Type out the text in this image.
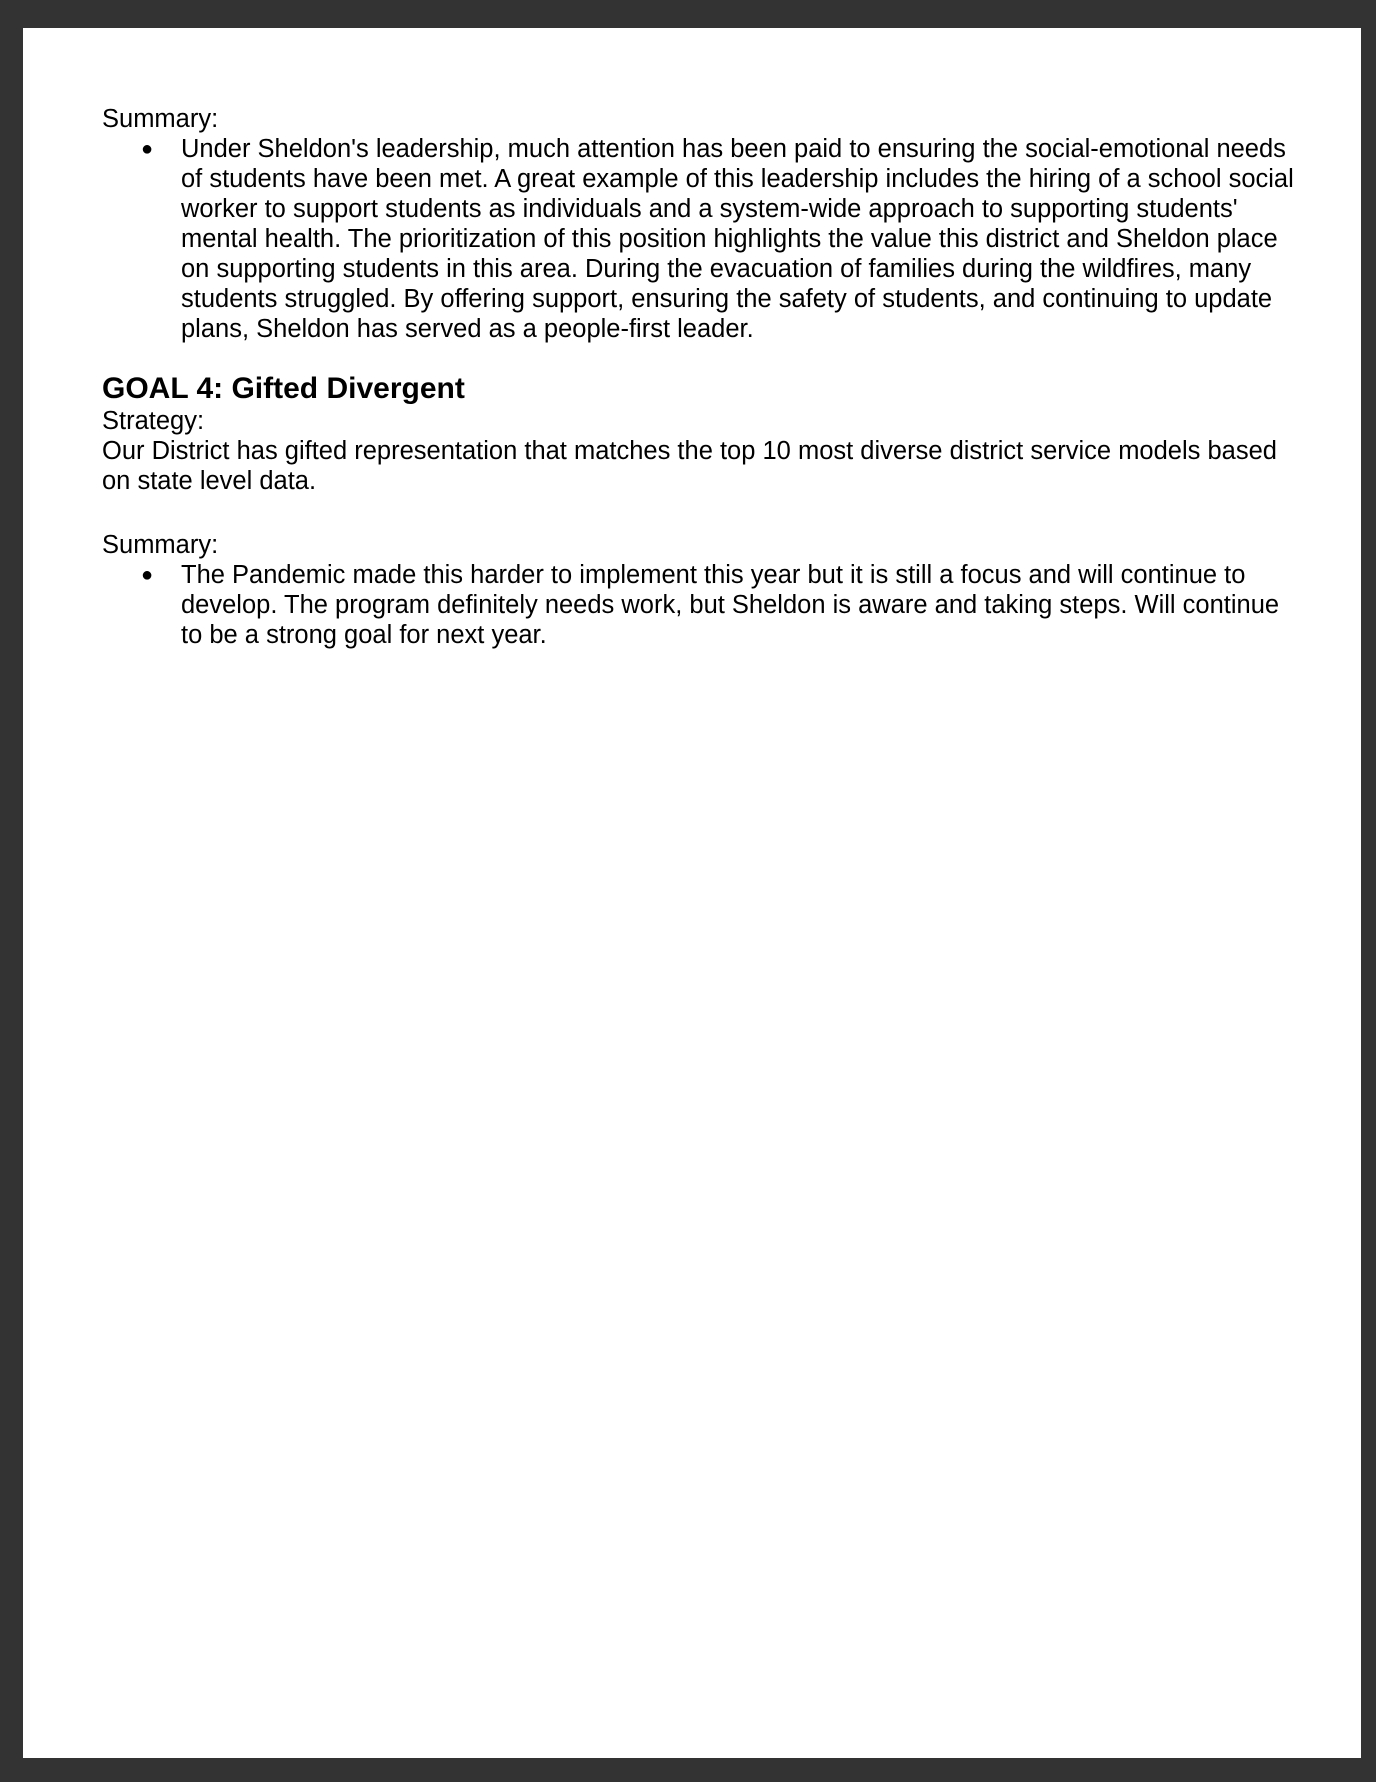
Summary:

● Under Sheldon's leadership, much attention has been paid to ensuring the social-emotional needs of students have been met. A great example of this leadership includes the hiring of a school social worker to support students as individuals and a system-wide approach to supporting students' mental health. The prioritization of this position highlights the value this district and Sheldon place on supporting students in this area. During the evacuation of families during the wildfires, many students struggled. By offering support, ensuring the safety of students, and continuing to update plans, Sheldon has served as a people-first leader.
GOAL 4: Gifted Divergent

Strategy:

Our District has gifted representation that matches the top 10 most diverse district service models based on state level data.

Summary:

● The Pandemic made this harder to implement this year but it is still a focus and will continue to develop. The program definitely needs work, but Sheldon is aware and taking steps. Will continue to be a strong goal for next year.
